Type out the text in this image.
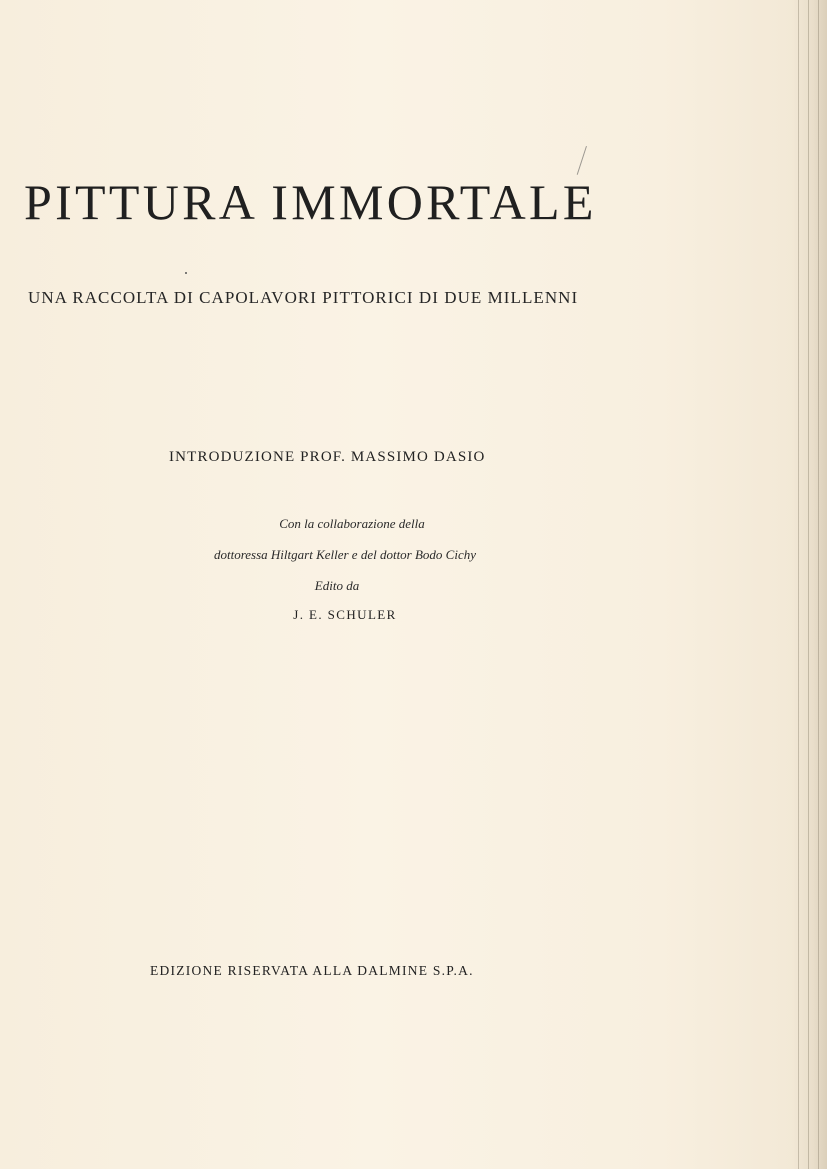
PITTURA IMMORTALE

UNA RACCOLTA DI CAPOLAVORI PITTORICI DI DUE MILLENNI

INTRODUZIONE PROF. MASSIMO DASIO

Con la collaborazione della

dottoressa Hiltgart Keller e del dottor Bodo Cichy

Edito da

J. E. SCHULER

EDIZIONE RISERVATA ALLA DALMINE S.P.A.
